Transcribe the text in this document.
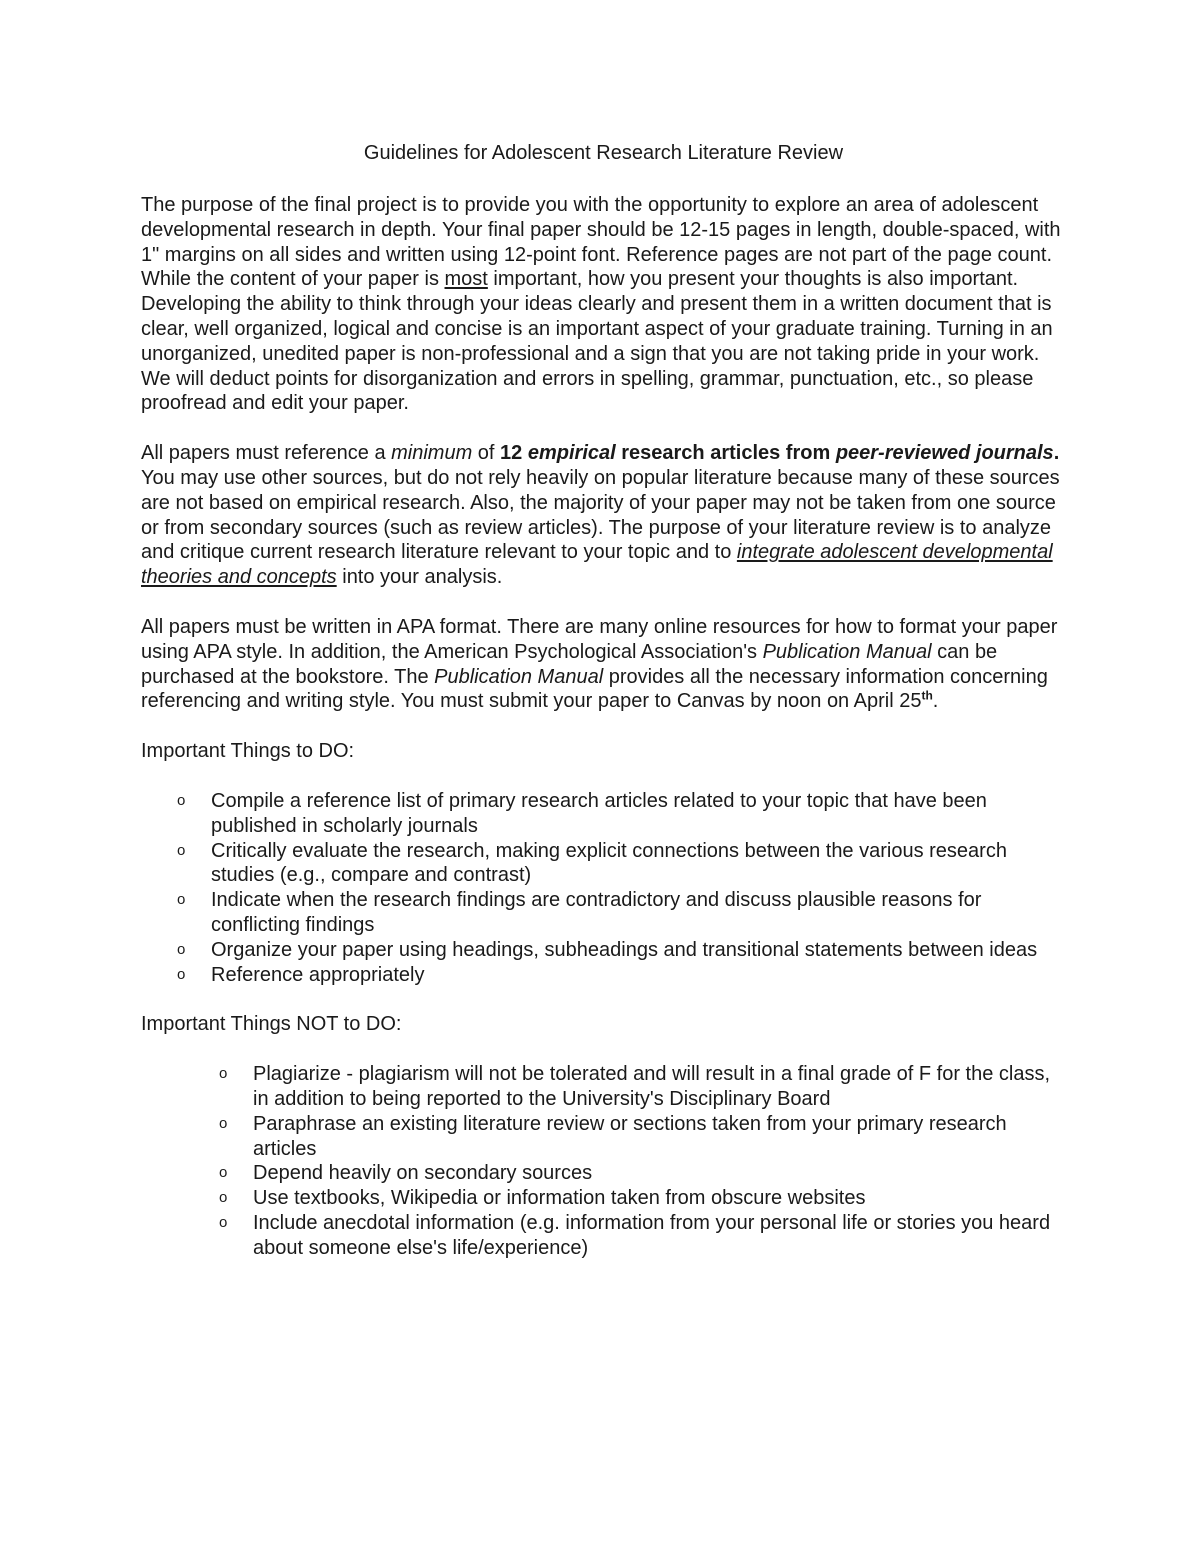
Guidelines for Adolescent Research Literature Review

The purpose of the final project is to provide you with the opportunity to explore an area of adolescent developmental research in depth. Your final paper should be 12-15 pages in length, double-spaced, with 1" margins on all sides and written using 12-point font. Reference pages are not part of the page count. While the content of your paper is most important, how you present your thoughts is also important. Developing the ability to think through your ideas clearly and present them in a written document that is clear, well organized, logical and concise is an important aspect of your graduate training. Turning in an unorganized, unedited paper is non-professional and a sign that you are not taking pride in your work. We will deduct points for disorganization and errors in spelling, grammar, punctuation, etc., so please proofread and edit your paper.

All papers must reference a minimum of 12 empirical research articles from peer-reviewed journals. You may use other sources, but do not rely heavily on popular literature because many of these sources are not based on empirical research. Also, the majority of your paper may not be taken from one source or from secondary sources (such as review articles). The purpose of your literature review is to analyze and critique current research literature relevant to your topic and to integrate adolescent developmental theories and concepts into your analysis.

All papers must be written in APA format. There are many online resources for how to format your paper using APA style. In addition, the American Psychological Association's Publication Manual can be purchased at the bookstore. The Publication Manual provides all the necessary information concerning referencing and writing style. You must submit your paper to Canvas by noon on April 25th.

Important Things to DO:
o Compile a reference list of primary research articles related to your topic that have been published in scholarly journals
o Critically evaluate the research, making explicit connections between the various research studies (e.g., compare and contrast)
o Indicate when the research findings are contradictory and discuss plausible reasons for conflicting findings
o Organize your paper using headings, subheadings and transitional statements between ideas
o Reference appropriately
Important Things NOT to DO:
o Plagiarize - plagiarism will not be tolerated and will result in a final grade of F for the class, in addition to being reported to the University's Disciplinary Board
o Paraphrase an existing literature review or sections taken from your primary research articles
o Depend heavily on secondary sources
o Use textbooks, Wikipedia or information taken from obscure websites
o Include anecdotal information (e.g. information from your personal life or stories you heard about someone else's life/experience)
